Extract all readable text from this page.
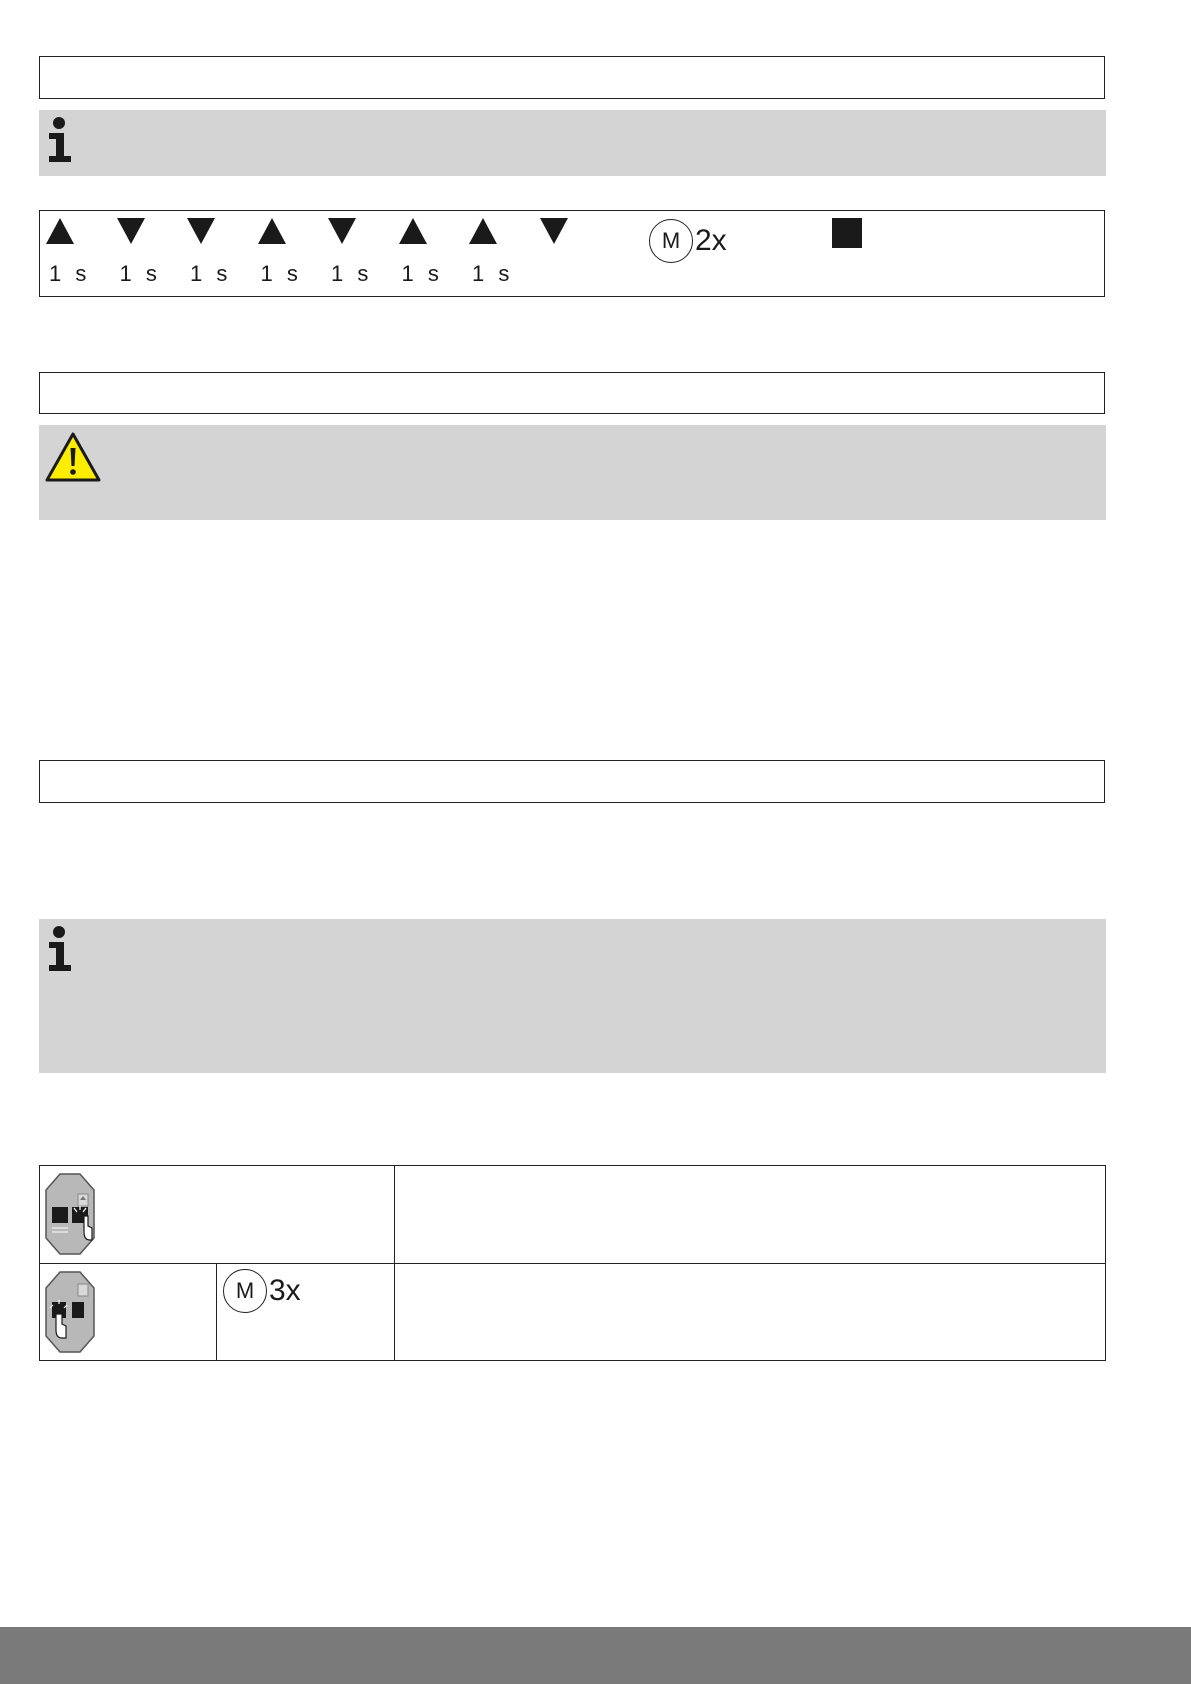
1 s 1 s 1 s 1 s 1 s 1 s 1 s
M 2x

M 3x	
